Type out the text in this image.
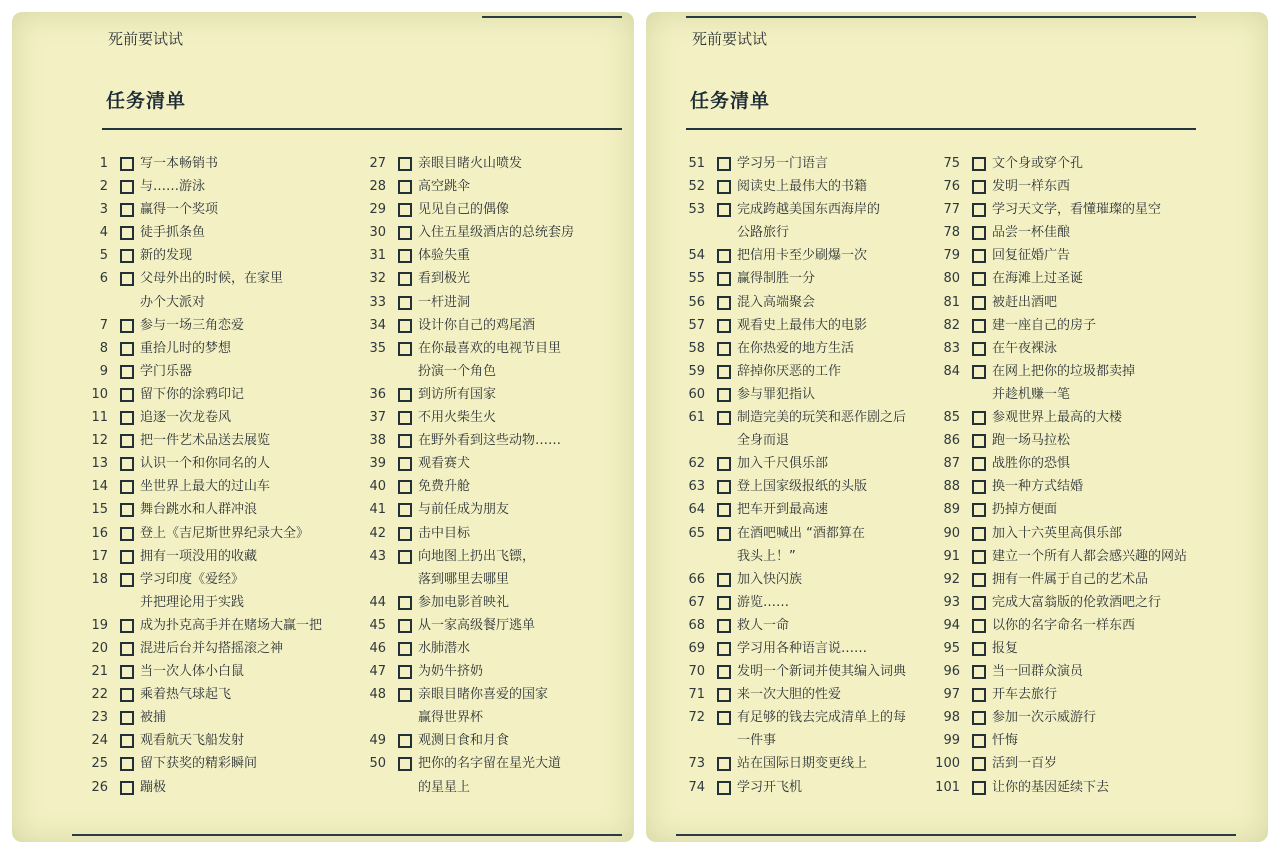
死前要试试
任务清单
1 写一本畅销书
2 与……游泳
3 赢得一个奖项
4 徒手抓条鱼
5 新的发现
6 父母外出的时候，在家里
办个大派对
7 参与一场三角恋爱
8 重拾儿时的梦想
9 学门乐器
10 留下你的涂鸦印记
11 追逐一次龙卷风
12 把一件艺术品送去展览
13 认识一个和你同名的人
14 坐世界上最大的过山车
15 舞台跳水和人群冲浪
16 登上《吉尼斯世界纪录大全》
17 拥有一项没用的收藏
18 学习印度《爱经》
并把理论用于实践
19 成为扑克高手并在赌场大赢一把
20 混进后台并勾搭摇滚之神
21 当一次人体小白鼠
22 乘着热气球起飞
23 被捕
24 观看航天飞船发射
25 留下获奖的精彩瞬间
26 蹦极
27 亲眼目睹火山喷发
28 高空跳伞
29 见见自己的偶像
30 入住五星级酒店的总统套房
31 体验失重
32 看到极光
33 一杆进洞
34 设计你自己的鸡尾酒
35 在你最喜欢的电视节目里
扮演一个角色
36 到访所有国家
37 不用火柴生火
38 在野外看到这些动物……
39 观看赛犬
40 免费升舱
41 与前任成为朋友
42 击中目标
43 向地图上扔出飞镖，
落到哪里去哪里
44 参加电影首映礼
45 从一家高级餐厅逃单
46 水肺潜水
47 为奶牛挤奶
48 亲眼目睹你喜爱的国家
赢得世界杯
49 观测日食和月食
50 把你的名字留在星光大道
的星星上
死前要试试
任务清单
51 学习另一门语言
52 阅读史上最伟大的书籍
53 完成跨越美国东西海岸的
公路旅行
54 把信用卡至少刷爆一次
55 赢得制胜一分
56 混入高端聚会
57 观看史上最伟大的电影
58 在你热爱的地方生活
59 辞掉你厌恶的工作
60 参与罪犯指认
61 制造完美的玩笑和恶作剧之后
全身而退
62 加入千尺俱乐部
63 登上国家级报纸的头版
64 把车开到最高速
65 在酒吧喊出 “酒都算在
我头上！”
66 加入快闪族
67 游览……
68 救人一命
69 学习用各种语言说……
70 发明一个新词并使其编入词典
71 来一次大胆的性爱
72 有足够的钱去完成清单上的每
一件事
73 站在国际日期变更线上
74 学习开飞机
75 文个身或穿个孔
76 发明一样东西
77 学习天文学，看懂璀璨的星空
78 品尝一杯佳酿
79 回复征婚广告
80 在海滩上过圣诞
81 被赶出酒吧
82 建一座自己的房子
83 在午夜裸泳
84 在网上把你的垃圾都卖掉
并趁机赚一笔
85 参观世界上最高的大楼
86 跑一场马拉松
87 战胜你的恐惧
88 换一种方式结婚
89 扔掉方便面
90 加入十六英里高俱乐部
91 建立一个所有人都会感兴趣的网站
92 拥有一件属于自己的艺术品
93 完成大富翁版的伦敦酒吧之行
94 以你的名字命名一样东西
95 报复
96 当一回群众演员
97 开车去旅行
98 参加一次示威游行
99 忏悔
100 活到一百岁
101 让你的基因延续下去
